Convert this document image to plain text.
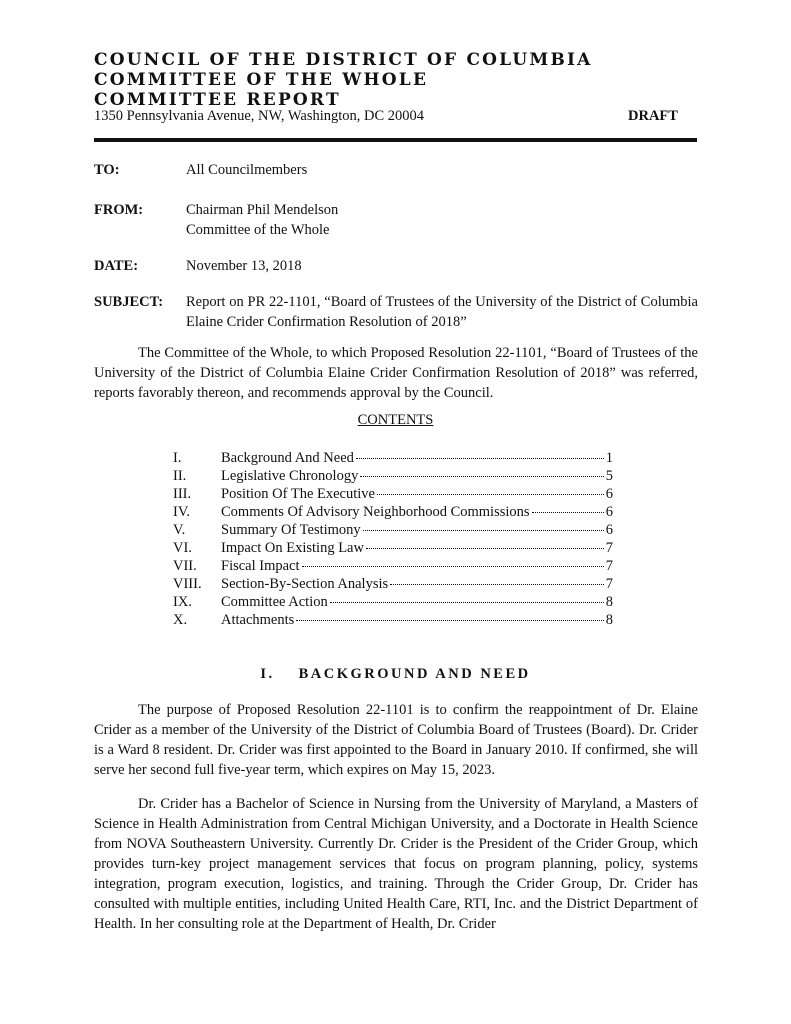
COUNCIL OF THE DISTRICT OF COLUMBIA
COMMITTEE OF THE WHOLE
COMMITTEE REPORT
1350 Pennsylvania Avenue, NW, Washington, DC 20004	DRAFT
TO:	All Councilmembers
FROM:	Chairman Phil Mendelson
Committee of the Whole
DATE:	November 13, 2018
SUBJECT: Report on PR 22-1101, “Board of Trustees of the University of the District of Columbia Elaine Crider Confirmation Resolution of 2018”
The Committee of the Whole, to which Proposed Resolution 22-1101, “Board of Trustees of the University of the District of Columbia Elaine Crider Confirmation Resolution of 2018” was referred, reports favorably thereon, and recommends approval by the Council.
CONTENTS
I.	Background And Need	1
II.	Legislative Chronology	5
III.	Position Of The Executive	6
IV.	Comments Of Advisory Neighborhood Commissions	6
V.	Summary Of Testimony	6
VI.	Impact On Existing Law	7
VII.	Fiscal Impact	7
VIII.	Section-By-Section Analysis	7
IX.	Committee Action	8
X.	Attachments	8
I. BACKGROUND AND NEED
The purpose of Proposed Resolution 22-1101 is to confirm the reappointment of Dr. Elaine Crider as a member of the University of the District of Columbia Board of Trustees (Board). Dr. Crider is a Ward 8 resident. Dr. Crider was first appointed to the Board in January 2010. If confirmed, she will serve her second full five-year term, which expires on May 15, 2023.
Dr. Crider has a Bachelor of Science in Nursing from the University of Maryland, a Masters of Science in Health Administration from Central Michigan University, and a Doctorate in Health Science from NOVA Southeastern University. Currently Dr. Crider is the President of the Crider Group, which provides turn-key project management services that focus on program planning, policy, systems integration, program execution, logistics, and training. Through the Crider Group, Dr. Crider has consulted with multiple entities, including United Health Care, RTI, Inc. and the District Department of Health. In her consulting role at the Department of Health, Dr. Crider
